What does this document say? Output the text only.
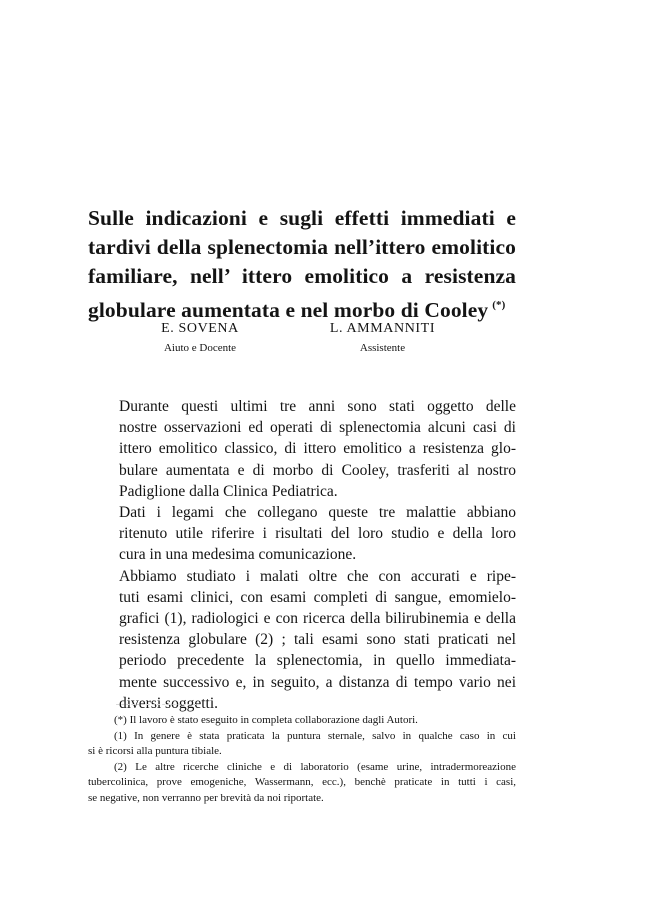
Sulle indicazioni e sugli effetti immediati e
tardivi della splenectomia nell’ittero emolitico
familiare, nell’ ittero emolitico a resistenza
globulare aumentata e nel morbo di Cooley (*)
E. SOVENA
Aiuto e Docente
L. AMMANNITI
Assistente

Durante questi ultimi tre anni sono stati oggetto delle
nostre osservazioni ed operati di splenectomia alcuni casi di
ittero emolitico classico, di ittero emolitico a resistenza glo-
bulare aumentata e di morbo di Cooley, trasferiti al nostro
Padiglione dalla Clinica Pediatrica.

Dati i legami che collegano queste tre malattie abbiano
ritenuto utile riferire i risultati del loro studio e della loro
cura in una medesima comunicazione.

Abbiamo studiato i malati oltre che con accurati e ripe-
tuti esami clinici, con esami completi di sangue, emomielo-
grafici (1), radiologici e con ricerca della bilirubinemia e della
resistenza globulare (2) ; tali esami sono stati praticati nel
periodo precedente la splenectomia, in quello immediata-
mente successivo e, in seguito, a distanza di tempo vario nei
diversi soggetti.

(*) Il lavoro è stato eseguito in completa collaborazione dagli Autori.

(1) In genere è stata praticata la puntura sternale, salvo in qualche caso in cui
si è ricorsi alla puntura tibiale.

(2) Le altre ricerche cliniche e di laboratorio (esame urine, intradermoreazione
tubercolinica, prove emogeniche, Wassermann, ecc.), benchè praticate in tutti i casi,
se negative, non verranno per brevità da noi riportate.
